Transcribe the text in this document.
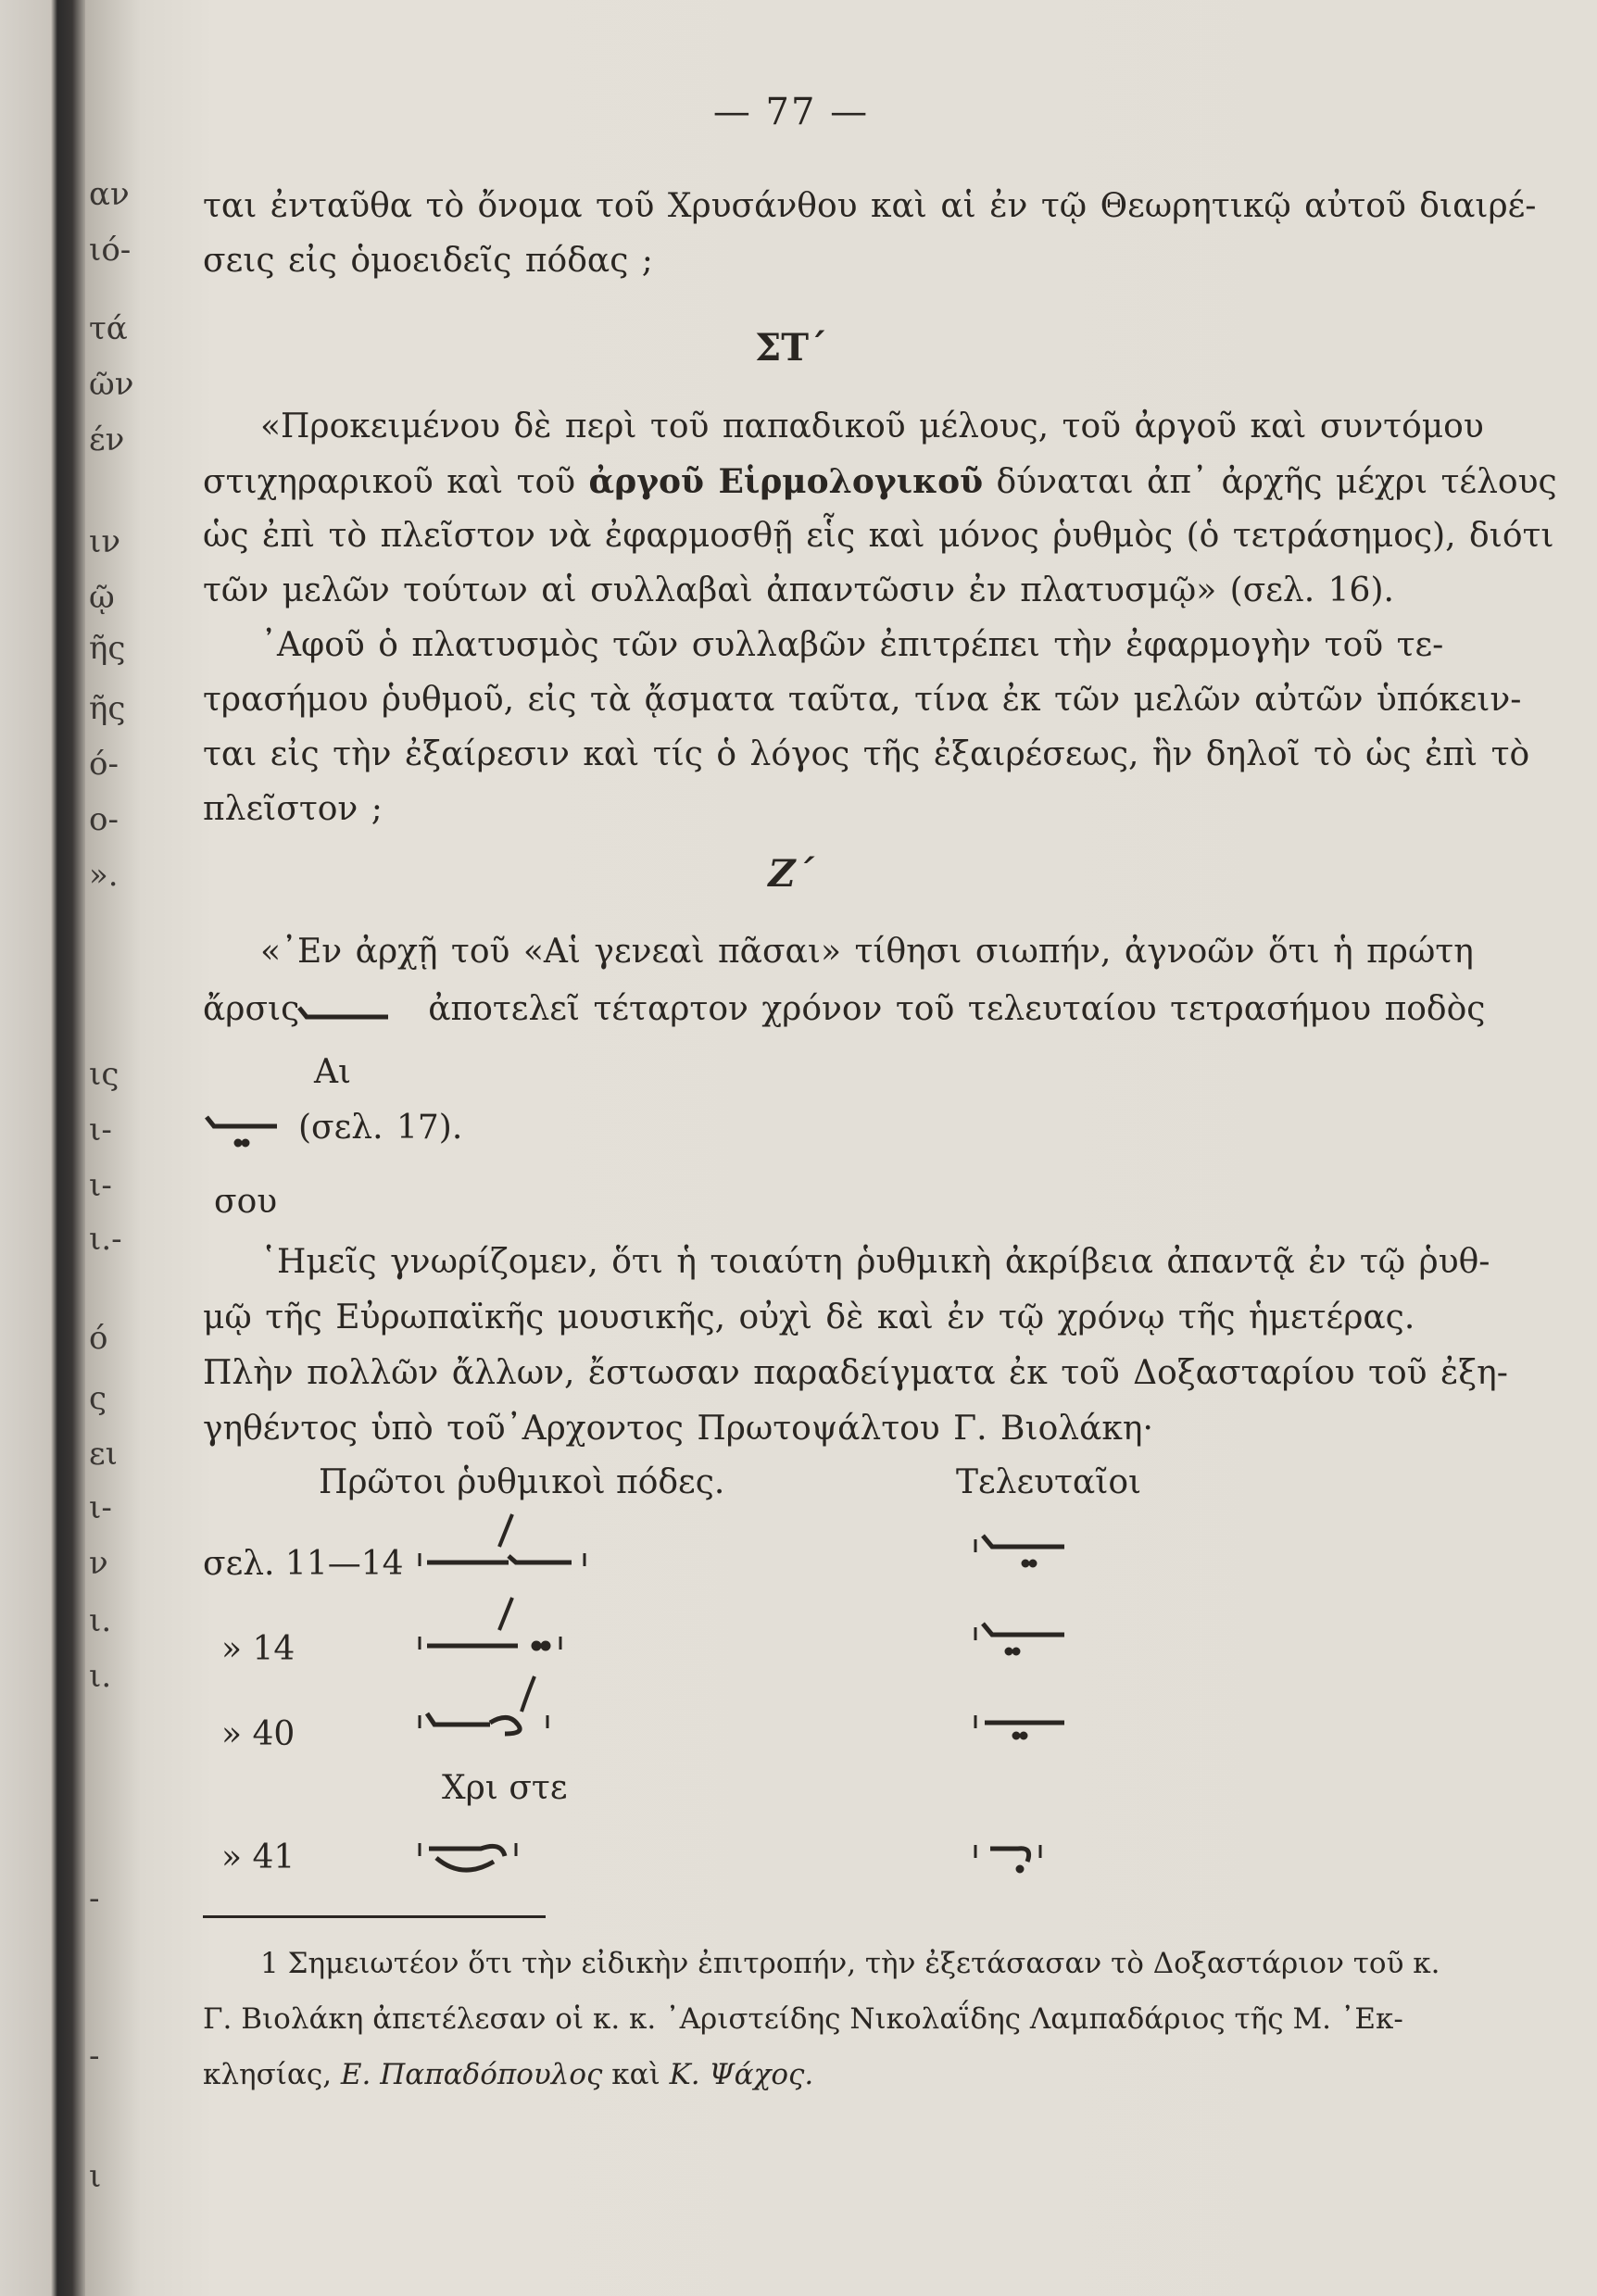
αν
ιό-
τά
ῶν
έν
ιν
ῷ
ῆς
ῆς
ό-
ο-
».
ις
ι-
ι-
ι.-
ό
ς
ει
ι-
ν
ι.
ι.
-
-
ι
— 77 —
ται ἐνταῦθα τὸ ὄνομα τοῦ Χρυσάνθου καὶ αἱ ἐν τῷ Θεωρητικῷ αὐτοῦ διαιρέ-
σεις εἰς ὁμοειδεῖς πόδας ;
ΣΤ΄
«Προκειμένου δὲ περὶ τοῦ παπαδικοῦ μέλους, τοῦ ἀργοῦ καὶ συντόμου
στιχηραρικοῦ καὶ τοῦ ἀργοῦ Εἱρμολογικοῦ δύναται ἀπ᾿ ἀρχῆς μέχρι τέλους
ὡς ἐπὶ τὸ πλεῖστον νὰ ἐφαρμοσθῇ εἷς καὶ μόνος ῥυθμὸς (ὁ τετράσημος), διότι
τῶν μελῶν τούτων αἱ συλλαβαὶ ἀπαντῶσιν ἐν πλατυσμῷ» (σελ. 16).
᾿Αφοῦ ὁ πλατυσμὸς τῶν συλλαβῶν ἐπιτρέπει τὴν ἐφαρμογὴν τοῦ τε-
τρασήμου ῥυθμοῦ, εἰς τὰ ᾄσματα ταῦτα, τίνα ἐκ τῶν μελῶν αὐτῶν ὑπόκειν-
ται εἰς τὴν ἐξαίρεσιν καὶ τίς ὁ λόγος τῆς ἐξαιρέσεως, ἣν δηλοῖ τὸ ὡς ἐπὶ τὸ
πλεῖστον ;
Ζ΄
«᾿Εν ἀρχῇ τοῦ «Αἱ γενεαὶ πᾶσαι» τίθησι σιωπήν, ἀγνοῶν ὅτι ἡ πρώτη
ἄρσις	ἀποτελεῖ τέταρτον χρόνον τοῦ τελευταίου τετρασήμου ποδὸς
Αι
(σελ. 17).
σου
῾Ημεῖς γνωρίζομεν, ὅτι ἡ τοιαύτη ῥυθμικὴ ἀκρίβεια ἀπαντᾷ ἐν τῷ ῥυθ-
μῷ τῆς Εὐρωπαϊκῆς μουσικῆς, οὐχὶ δὲ καὶ ἐν τῷ χρόνῳ τῆς ἡμετέρας.
Πλὴν πολλῶν ἄλλων, ἔστωσαν παραδείγματα ἐκ τοῦ Δοξασταρίου τοῦ ἐξη-
γηθέντος ὑπὸ τοῦ᾿Αρχοντος Πρωτοψάλτου Γ. Βιολάκη·
Πρῶτοι ῥυθμικοὶ πόδες.	Τελευταῖοι
σελ. 11—14
» 14
» 40
Χρι στε
» 41
1 Σημειωτέον ὅτι τὴν εἰδικὴν ἐπιτροπήν, τὴν ἐξετάσασαν τὸ Δοξαστάριον τοῦ κ.
Γ. Βιολάκη ἀπετέλεσαν οἱ κ. κ. ᾿Αριστείδης Νικολαΐδης Λαμπαδάριος τῆς Μ. ᾿Εκ-
κλησίας, Ε. Παπαδόπουλος καὶ Κ. Ψάχος.
